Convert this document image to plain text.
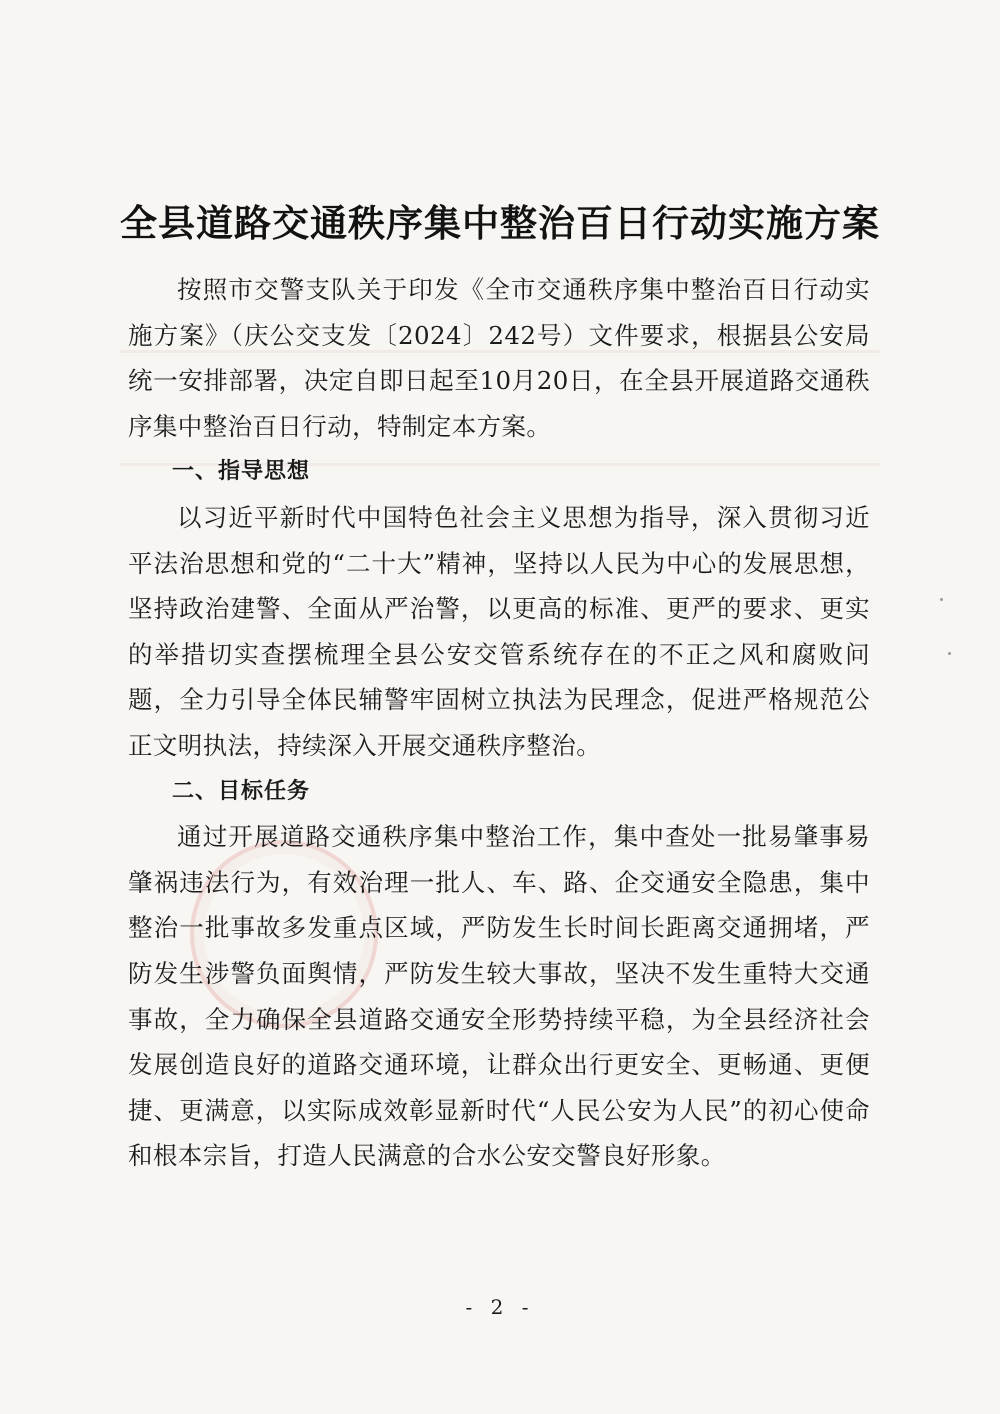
全县道路交通秩序集中整治百日行动实施方案

按照市交警支队关于印发《全市交通秩序集中整治百日行动实施方案》（庆公交支发〔2024〕242号）文件要求，根据县公安局统一安排部署，决定自即日起至10月20日，在全县开展道路交通秩序集中整治百日行动，特制定本方案。

一、指导思想

以习近平新时代中国特色社会主义思想为指导，深入贯彻习近平法治思想和党的“二十大”精神，坚持以人民为中心的发展思想，坚持政治建警、全面从严治警，以更高的标准、更严的要求、更实的举措切实查摆梳理全县公安交管系统存在的不正之风和腐败问题，全力引导全体民辅警牢固树立执法为民理念，促进严格规范公正文明执法，持续深入开展交通秩序整治。

二、目标任务

通过开展道路交通秩序集中整治工作，集中查处一批易肇事易肇祸违法行为，有效治理一批人、车、路、企交通安全隐患，集中整治一批事故多发重点区域，严防发生长时间长距离交通拥堵，严防发生涉警负面舆情，严防发生较大事故，坚决不发生重特大交通事故，全力确保全县道路交通安全形势持续平稳，为全县经济社会发展创造良好的道路交通环境，让群众出行更安全、更畅通、更便捷、更满意，以实际成效彰显新时代“人民公安为人民”的初心使命和根本宗旨，打造人民满意的合水公安交警良好形象。

- 2 -
